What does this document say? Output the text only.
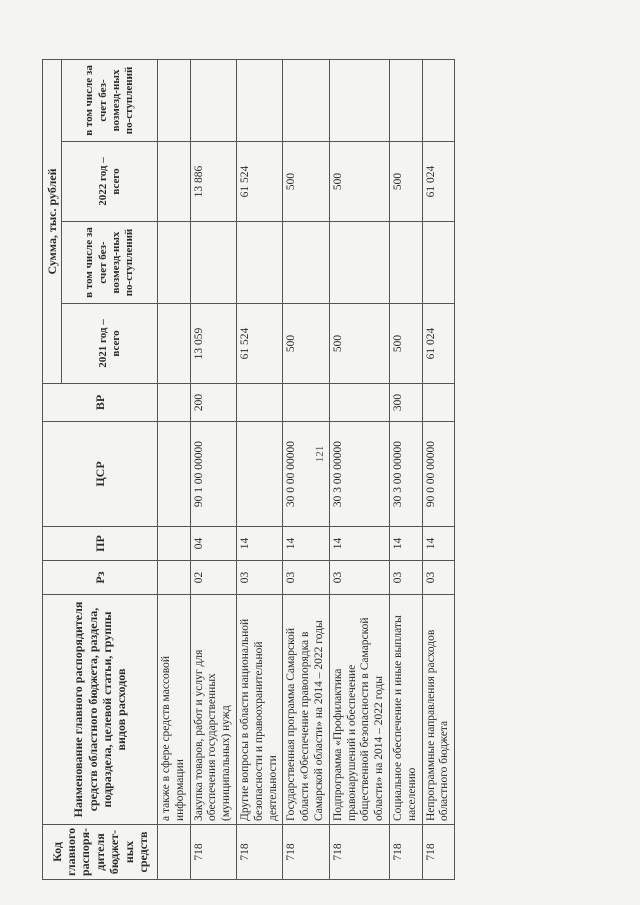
121
Код главного распоря-дителя бюджет-ных средств	Наименование главного распорядителя средств областного бюджета, раздела, подраздела, целевой статьи, группы видов расходов	Рз	ПР	ЦСР	ВР	Сумма, тыс. рублей			
						2021 год – всего	в том числе за счет без-возмезд-ных по-ступлений	2022 год – всего	в том числе за счет без-возмезд-ных по-ступлений
	а также в сфере средств массовой информации								
718	Закупка товаров, работ и услуг для обеспечения государственных (муниципальных) нужд	02	04	90 1 00 00000	200	13 059		13 886	
718	Другие вопросы в области национальной безопасности и правоохранительной деятельности	03	14			61 524		61 524	
718	Государственная программа Самарской области «Обеспечение правопорядка в Самарской области» на 2014 – 2022 годы	03	14	30 0 00 00000		500		500	
718	Подпрограмма «Профилактика правонарушений и обеспечение общественной безопасности в Самарской области» на 2014 – 2022 годы	03	14	30 3 00 00000		500		500	
718	Социальное обеспечение и иные выплаты населению	03	14	30 3 00 00000	300	500		500	
718	Непрограммные направления расходов областного бюджета	03	14	90 0 00 00000		61 024		61 024	
